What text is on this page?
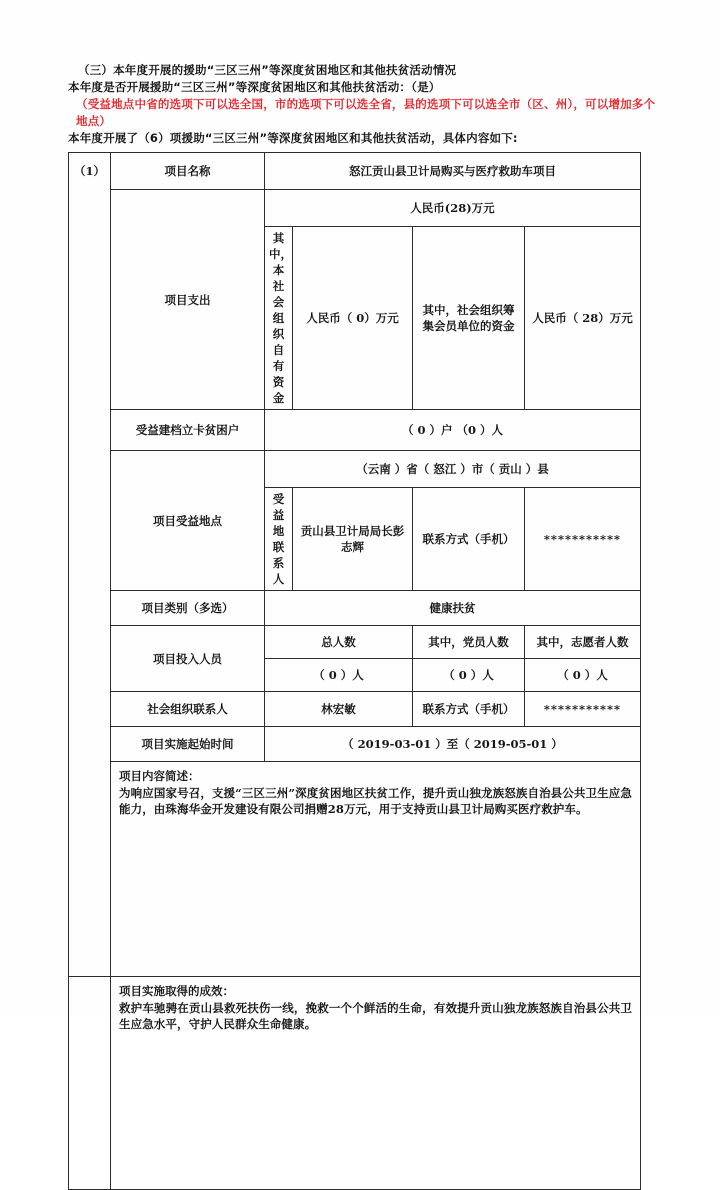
（三）本年度开展的援助“三区三州”等深度贫困地区和其他扶贫活动情况
本年度是否开展援助“三区三州”等深度贫困地区和其他扶贫活动：（是）
（受益地点中省的选项下可以选全国，市的选项下可以选全省，县的选项下可以选全市（区、州），可以增加多个地点）
本年度开展了（6）项援助“三区三州”等深度贫困地区和其他扶贫活动，具体内容如下:
（1）	项目名称	怒江贡山县卫计局购买与医疗救助车项目			
	项目支出	人民币(28)万元			
		其中，本社会组织自有资金	人民币（ 0）万元	其中，社会组织筹集会员单位的资金	人民币（ 28）万元
	受益建档立卡贫困户	（ 0 ）户 （0 ）人			
	项目受益地点	（云南 ）省（ 怒江 ）市（ 贡山 ）县			
		受益地联系人	贡山县卫计局局长彭志辉	联系方式（手机）	***********
	项目类别（多选）	健康扶贫			
	项目投入人员	总人数		其中，党员人数	其中，志愿者人数
		（ 0 ）人		（ 0 ）人	（ 0 ）人
	社会组织联系人	林宏敏		联系方式（手机）	***********
	项目实施起始时间	（ 2019-03-01 ）至（ 2019-05-01 ）			

	项目内容简述：
为响应国家号召，支援“三区三州”深度贫困地区扶贫工作，提升贡山独龙族怒族自治县公共卫生应急能力，由珠海华金开发建设有限公司捐赠28万元，用于支持贡山县卫计局购买医疗救护车。				

	项目实施取得的成效：
救护车驰骋在贡山县救死扶伤一线，挽救一个个鲜活的生命，有效提升贡山独龙族怒族自治县公共卫生应急水平，守护人民群众生命健康。				
